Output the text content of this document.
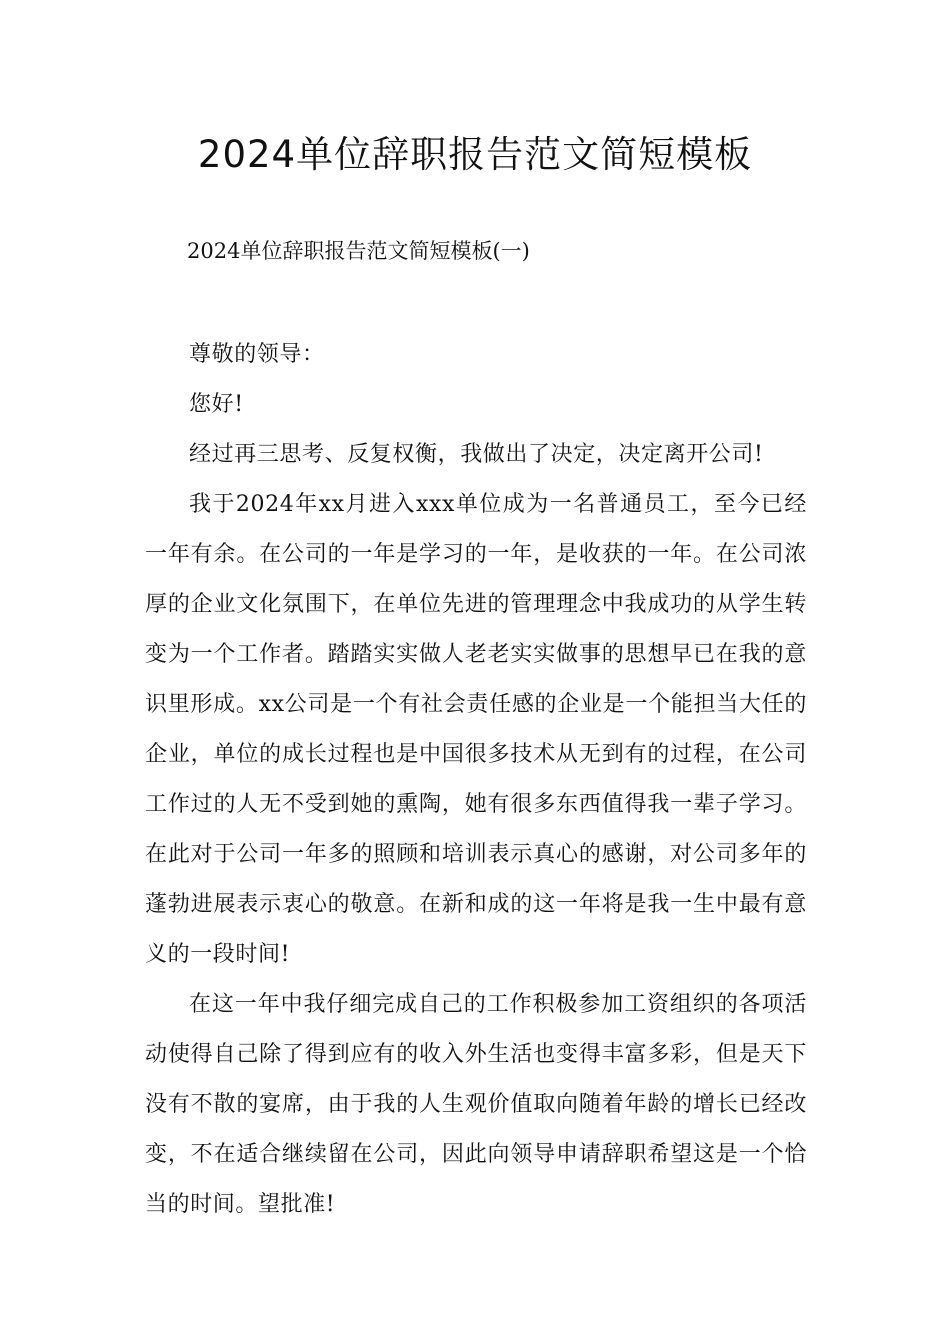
2024单位辞职报告范文简短模板

2024单位辞职报告范文简短模板(一)

尊敬的领导：

您好!

经过再三思考、反复权衡，我做出了决定，决定离开公司!

我于2024年xx月进入xxx单位成为一名普通员工，至今已经一年有余。在公司的一年是学习的一年，是收获的一年。在公司浓厚的企业文化氛围下，在单位先进的管理理念中我成功的从学生转变为一个工作者。踏踏实实做人老老实实做事的思想早已在我的意识里形成。xx公司是一个有社会责任感的企业是一个能担当大任的企业，单位的成长过程也是中国很多技术从无到有的过程，在公司工作过的人无不受到她的熏陶，她有很多东西值得我一辈子学习。在此对于公司一年多的照顾和培训表示真心的感谢，对公司多年的蓬勃进展表示衷心的敬意。在新和成的这一年将是我一生中最有意义的一段时间!

在这一年中我仔细完成自己的工作积极参加工资组织的各项活动使得自己除了得到应有的收入外生活也变得丰富多彩，但是天下没有不散的宴席，由于我的人生观价值取向随着年龄的增长已经改变，不在适合继续留在公司，因此向领导申请辞职希望这是一个恰当的时间。望批准!
